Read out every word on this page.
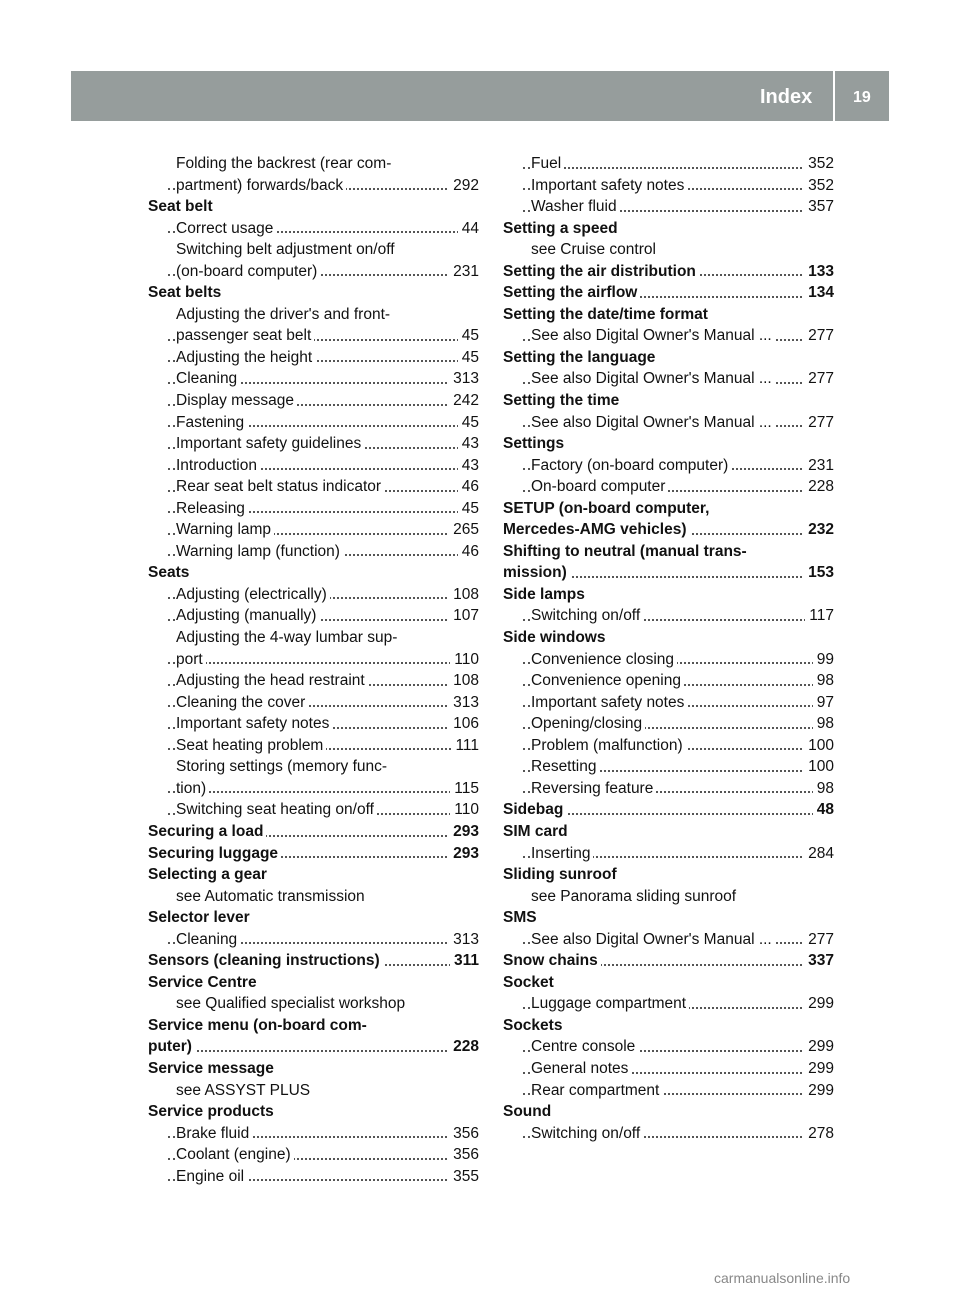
Index	19
Folding the backrest (rear com-
partment) forwards/back	292
Seat belt
Correct usage	44
Switching belt adjustment on/off
(on-board computer)	231
Seat belts
Adjusting the driver's and front-
passenger seat belt	45
Adjusting the height	45
Cleaning	313
Display message	242
Fastening	45
Important safety guidelines	43
Introduction	43
Rear seat belt status indicator	46
Releasing	45
Warning lamp	265
Warning lamp (function)	46
Seats
Adjusting (electrically)	108
Adjusting (manually)	107
Adjusting the 4-way lumbar sup-
port	110
Adjusting the head restraint	108
Cleaning the cover	313
Important safety notes	106
Seat heating problem	111
Storing settings (memory func-
tion)	115
Switching seat heating on/off	110
Securing a load	293
Securing luggage	293
Selecting a gear
see Automatic transmission
Selector lever
Cleaning	313
Sensors (cleaning instructions)	311
Service Centre
see Qualified specialist workshop
Service menu (on-board com-
puter)	228
Service message
see ASSYST PLUS
Service products
Brake fluid	356
Coolant (engine)	356
Engine oil	355
Fuel	352
Important safety notes	352
Washer fluid	357
Setting a speed
see Cruise control
Setting the air distribution	133
Setting the airflow	134
Setting the date/time format
See also Digital Owner's Manual ... 277
Setting the language
See also Digital Owner's Manual ... 277
Setting the time
See also Digital Owner's Manual ... 277
Settings
Factory (on-board computer)	231
On-board computer	228
SETUP (on-board computer,
Mercedes-AMG vehicles)	232
Shifting to neutral (manual trans-
mission)	153
Side lamps
Switching on/off	117
Side windows
Convenience closing	99
Convenience opening	98
Important safety notes	97
Opening/closing	98
Problem (malfunction)	100
Resetting	100
Reversing feature	98
Sidebag	48
SIM card
Inserting	284
Sliding sunroof
see Panorama sliding sunroof
SMS
See also Digital Owner's Manual ... 277
Snow chains	337
Socket
Luggage compartment	299
Sockets
Centre console	299
General notes	299
Rear compartment	299
Sound
Switching on/off	278
carmanualsonline.info
